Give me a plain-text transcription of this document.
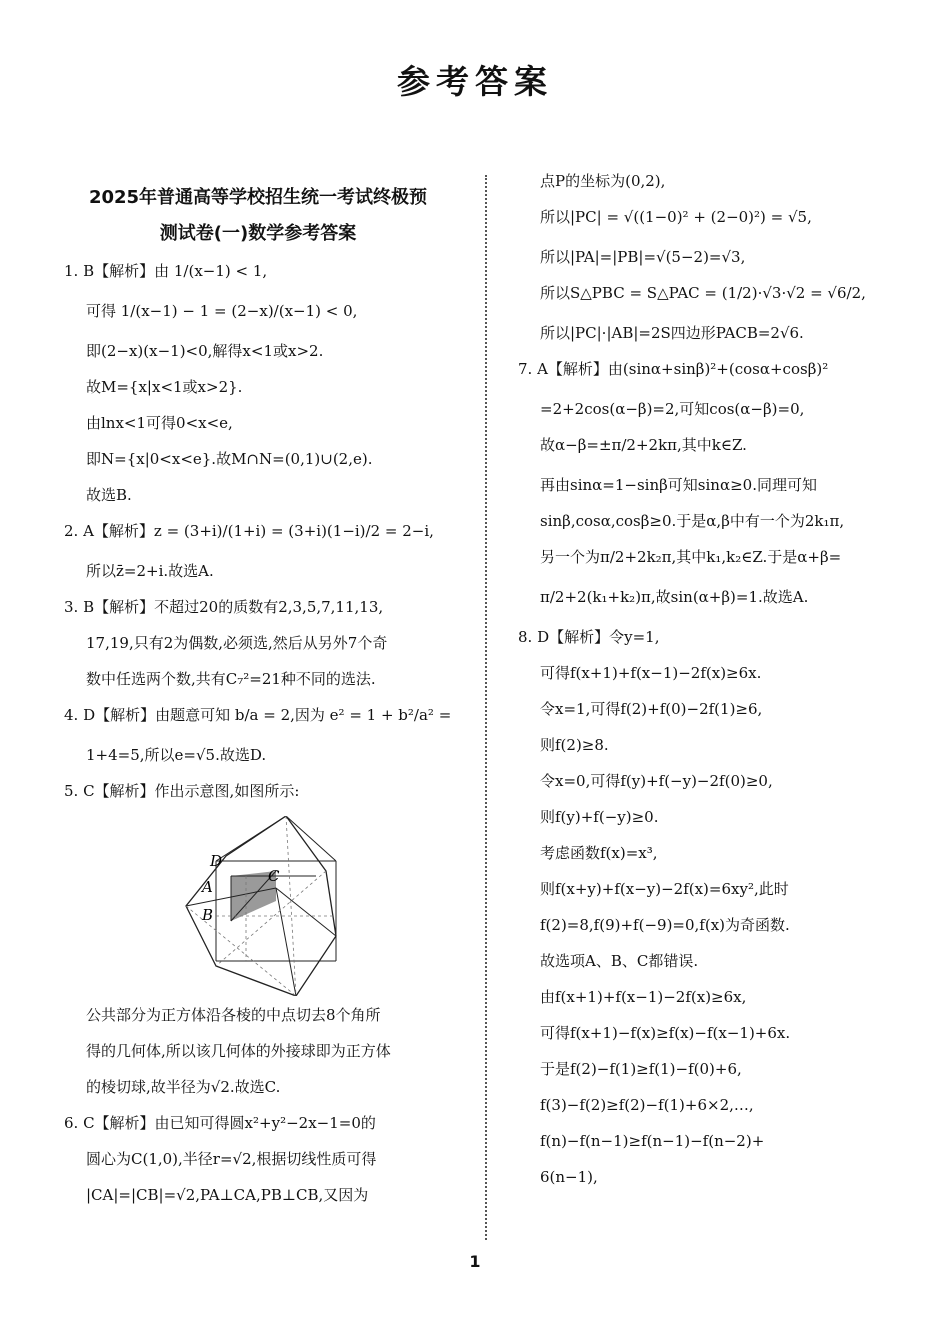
参考答案
2025年普通高等学校招生统一考试终极预
测试卷(一)数学参考答案
1. B【解析】由 1/(x−1) < 1,
可得 1/(x−1) − 1 = (2−x)/(x−1) < 0,
即(2−x)(x−1)<0,解得x<1或x>2.
故M={x|x<1或x>2}.
由lnx<1可得0<x<e,
即N={x|0<x<e}.故M∩N=(0,1)∪(2,e).
故选B.
2. A【解析】z = (3+i)/(1+i) = (3+i)(1−i)/2 = 2−i,
所以z̄=2+i.故选A.
3. B【解析】不超过20的质数有2,3,5,7,11,13,
17,19,只有2为偶数,必须选,然后从另外7个奇
数中任选两个数,共有C₇²=21种不同的选法.
4. D【解析】由题意可知 b/a = 2,因为 e² = 1 + b²/a² =
1+4=5,所以e=√5.故选D.
5. C【解析】作出示意图,如图所示:
D
A
B
C
公共部分为正方体沿各棱的中点切去8个角所
得的几何体,所以该几何体的外接球即为正方体
的棱切球,故半径为√2.故选C.
6. C【解析】由已知可得圆x²+y²−2x−1=0的
圆心为C(1,0),半径r=√2,根据切线性质可得
|CA|=|CB|=√2,PA⊥CA,PB⊥CB,又因为
点P的坐标为(0,2),
所以|PC| = √((1−0)² + (2−0)²) = √5,
所以|PA|=|PB|=√(5−2)=√3,
所以S△PBC = S△PAC = (1/2)·√3·√2 = √6/2,
所以|PC|·|AB|=2S四边形PACB=2√6.
7. A【解析】由(sinα+sinβ)²+(cosα+cosβ)²
=2+2cos(α−β)=2,可知cos(α−β)=0,
故α−β=±π/2+2kπ,其中k∈Z.
再由sinα=1−sinβ可知sinα≥0.同理可知
sinβ,cosα,cosβ≥0.于是α,β中有一个为2k₁π,
另一个为π/2+2k₂π,其中k₁,k₂∈Z.于是α+β=
π/2+2(k₁+k₂)π,故sin(α+β)=1.故选A.
8. D【解析】令y=1,
可得f(x+1)+f(x−1)−2f(x)≥6x.
令x=1,可得f(2)+f(0)−2f(1)≥6,
则f(2)≥8.
令x=0,可得f(y)+f(−y)−2f(0)≥0,
则f(y)+f(−y)≥0.
考虑函数f(x)=x³,
则f(x+y)+f(x−y)−2f(x)=6xy²,此时
f(2)=8,f(9)+f(−9)=0,f(x)为奇函数.
故选项A、B、C都错误.
由f(x+1)+f(x−1)−2f(x)≥6x,
可得f(x+1)−f(x)≥f(x)−f(x−1)+6x.
于是f(2)−f(1)≥f(1)−f(0)+6,
f(3)−f(2)≥f(2)−f(1)+6×2,…,
f(n)−f(n−1)≥f(n−1)−f(n−2)+
6(n−1),
1
